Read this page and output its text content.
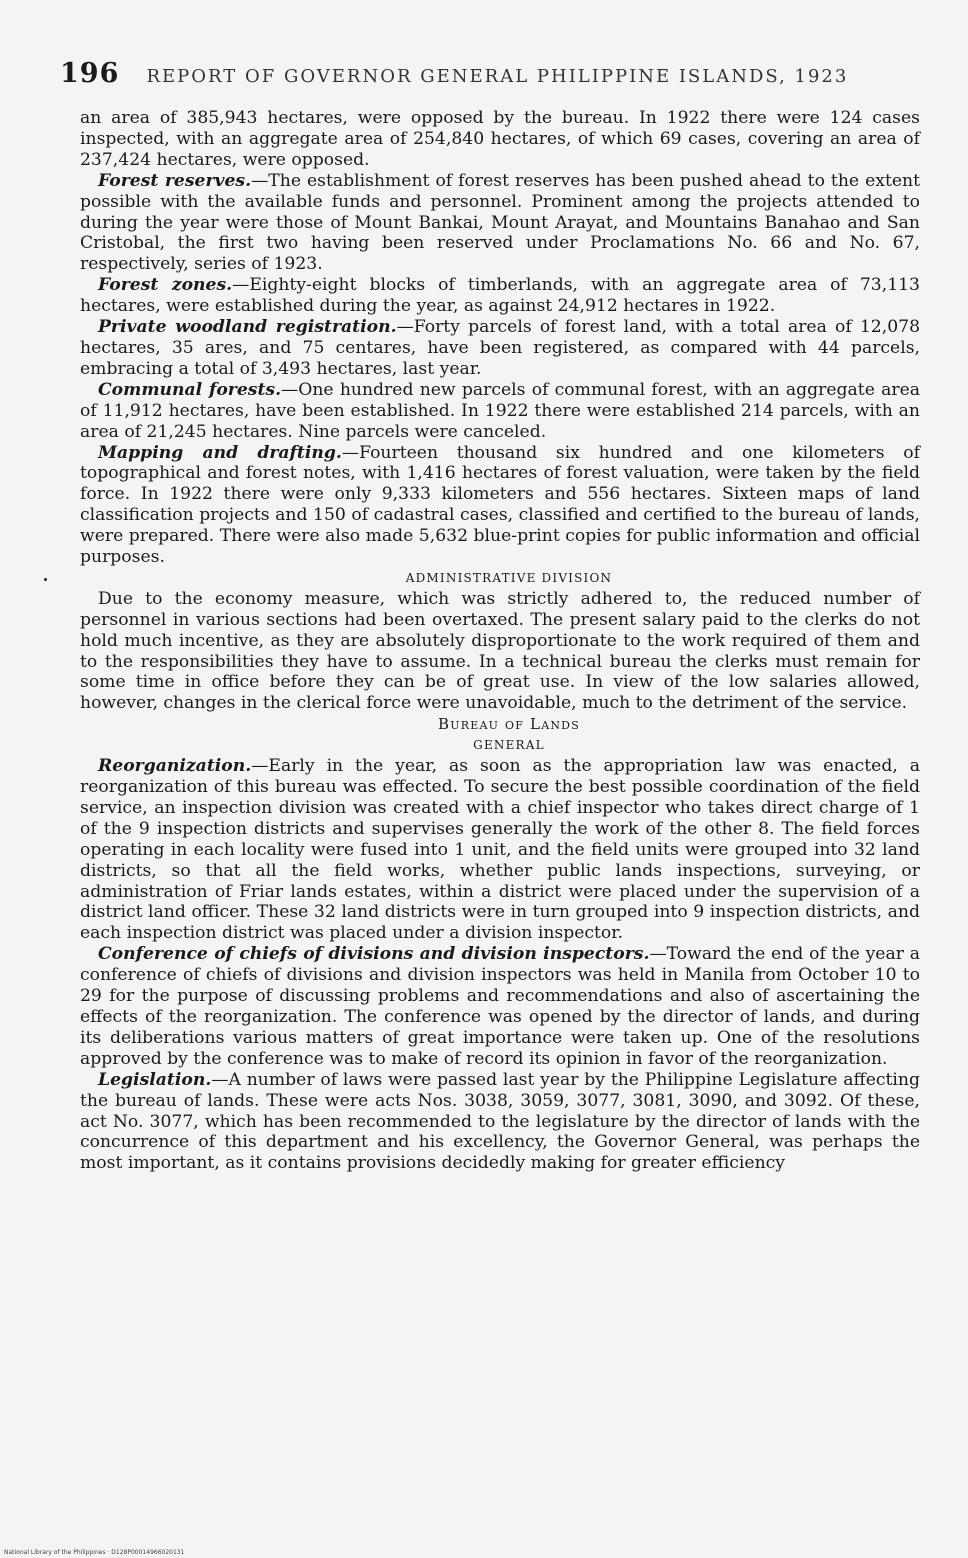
196 REPORT OF GOVERNOR GENERAL PHILIPPINE ISLANDS, 1923

an area of 385,943 hectares, were opposed by the bureau. In 1922 there were 124 cases inspected, with an aggregate area of 254,840 hectares, of which 69 cases, covering an area of 237,424 hectares, were opposed.

Forest reserves.—The establishment of forest reserves has been pushed ahead to the extent possible with the available funds and personnel. Prominent among the projects attended to during the year were those of Mount Bankai, Mount Arayat, and Mountains Banahao and San Cristobal, the first two having been reserved under Proclamations No. 66 and No. 67, respectively, series of 1923.

Forest zones.—Eighty-eight blocks of timberlands, with an aggregate area of 73,113 hectares, were established during the year, as against 24,912 hectares in 1922.

Private woodland registration.—Forty parcels of forest land, with a total area of 12,078 hectares, 35 ares, and 75 centares, have been registered, as compared with 44 parcels, embracing a total of 3,493 hectares, last year.

Communal forests.—One hundred new parcels of communal forest, with an aggregate area of 11,912 hectares, have been established. In 1922 there were established 214 parcels, with an area of 21,245 hectares. Nine parcels were canceled.

Mapping and drafting.—Fourteen thousand six hundred and one kilometers of topographical and forest notes, with 1,416 hectares of forest valuation, were taken by the field force. In 1922 there were only 9,333 kilometers and 556 hectares. Sixteen maps of land classification projects and 150 of cadastral cases, classified and certified to the bureau of lands, were prepared. There were also made 5,632 blue-print copies for public information and official purposes.

ADMINISTRATIVE DIVISION

Due to the economy measure, which was strictly adhered to, the reduced number of personnel in various sections had been overtaxed. The present salary paid to the clerks do not hold much incentive, as they are absolutely disproportionate to the work required of them and to the responsibilities they have to assume. In a technical bureau the clerks must remain for some time in office before they can be of great use. In view of the low salaries allowed, however, changes in the clerical force were unavoidable, much to the detriment of the service.

Bureau of Lands

GENERAL

Reorganization.—Early in the year, as soon as the appropriation law was enacted, a reorganization of this bureau was effected. To secure the best possible coordination of the field service, an inspection division was created with a chief inspector who takes direct charge of 1 of the 9 inspection districts and supervises generally the work of the other 8. The field forces operating in each locality were fused into 1 unit, and the field units were grouped into 32 land districts, so that all the field works, whether public lands inspections, surveying, or administration of Friar lands estates, within a district were placed under the supervision of a district land officer. These 32 land districts were in turn grouped into 9 inspection districts, and each inspection district was placed under a division inspector.

Conference of chiefs of divisions and division inspectors.—Toward the end of the year a conference of chiefs of divisions and division inspectors was held in Manila from October 10 to 29 for the purpose of discussing problems and recommendations and also of ascertaining the effects of the reorganization. The conference was opened by the director of lands, and during its deliberations various matters of great importance were taken up. One of the resolutions approved by the conference was to make of record its opinion in favor of the reorganization.

Legislation.—A number of laws were passed last year by the Philippine Legislature affecting the bureau of lands. These were acts Nos. 3038, 3059, 3077, 3081, 3090, and 3092. Of these, act No. 3077, which has been recommended to the legislature by the director of lands with the concurrence of this department and his excellency, the Governor General, was perhaps the most important, as it contains provisions decidedly making for greater efficiency

National Library of the Philippines · D128P00014966020131
